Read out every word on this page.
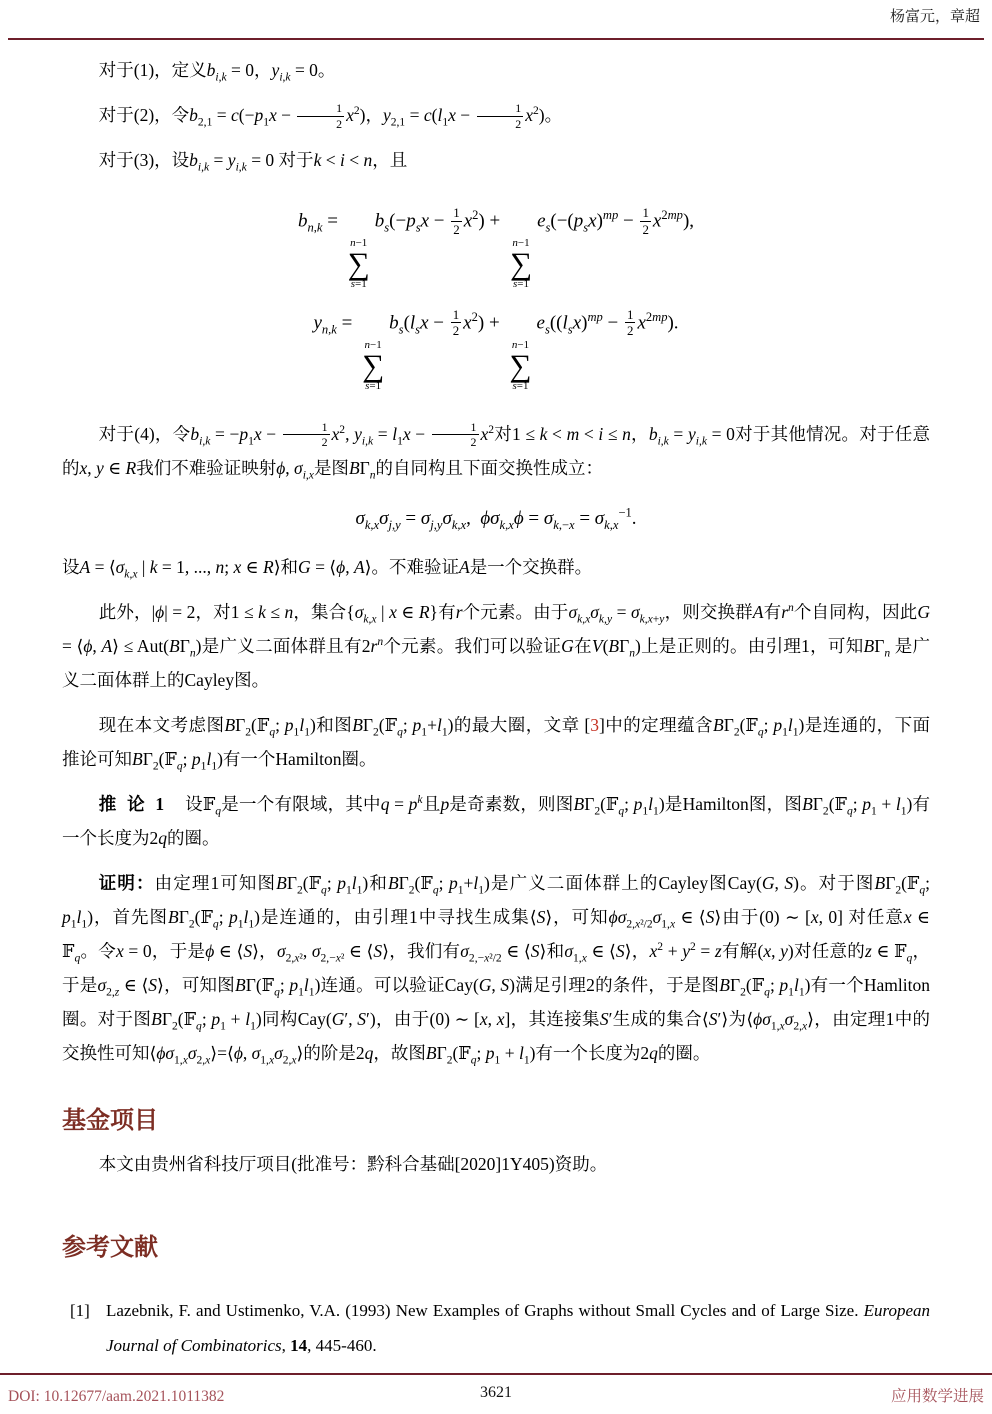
杨富元，章超

对于(1)，定义$b_{i,k} = 0$，$y_{i,k} = 0$。

对于(2)，令$b_{2,1} = c(-p_1x - \frac{1}{2} x^2)$，$y_{2,1} = c(l_1x - \frac{1}{2} x^2)$。

对于(3)，设$b_{i,k} = y_{i,k} = 0$ 对于k < i < n，且

$b_{n,k}$ =
n−1
∑
s=1
$b_s(-p_sx - \frac{1}{2} x^2)$ +
n−1
∑
s=1
$e_s(-(p_sx)^{mp} - \frac{1}{2} x^{2mp})$,
$y_{n,k}$ =
n−1
∑
s=1
$b_s(l_sx - \frac{1}{2} x^2)$ +
n−1
∑
s=1
$e_s((l_sx)^{mp} - \frac{1}{2} x^{2mp})$.

对于(4)，令$b_{i,k} = -p_1x - \frac{1}{2} x^2$, $y_{i,k} = l_1x - \frac{1}{2} x^2$对1 ≤ k < m < i ≤ n，$b_{i,k} = y_{i,k} = 0$对于其他情况。对于任意的x, y ∈ R我们不难验证映射ϕ, $\sigma_{i,x}$是图$B\Gamma_n$的自同构且下面交换性成立：

$\sigma_{k,x}\sigma_{j,y} = \sigma_{j,y}\sigma_{k,x}$,  $\phi\sigma_{k,x}\phi = \sigma_{k,-x} = \sigma_{k,x}^{-1}$.

设$A = ⟨\sigma_{k,x}$ | k = 1, ..., n; x ∈ R⟩和G = ⟨ϕ, A⟩。不难验证A是一个交换群。

此外，|ϕ| = 2，对1 ≤ k ≤ n，集合{$\sigma_{k,x}$ | x ∈ R}有r个元素。由于$\sigma_{k,x}\sigma_{k,y} = \sigma_{k,x+y}$，则交换群A有$r^n$个自同构，因此G = ⟨ϕ, A⟩ ≤ $Aut(B\Gamma_n)$是广义二面体群且有$2r^n$个元素。我们可以验证G在$V(B\Gamma_n)$上是正则的。由引理1，可知$B\Gamma_n$ 是广义二面体群上的Cayley图。

现在本文考虑图$B\Gamma_2(𝔽_q$; $p_1l_1$)和图$B\Gamma_2(𝔽_q$; $p_1+l_1$)的最大圈，文章 [3]中的定理蕴含$B\Gamma_2(𝔽_q$; $p_1l_1$)是连通的，下面推论可知$B\Gamma_2(𝔽_q$; $p_1l_1$)有一个Hamilton圈。

推 论 1　设𝔽$_q$是一个有限域，其中$q = p^k$且p是奇素数，则图$B\Gamma_2(𝔽_q$; $p_1l_1$)是Hamilton图，图$B\Gamma_2(𝔽_q$; $p_1 + l_1$)有一个长度为2q的圈。

证明：由定理1可知图$B\Gamma_2(𝔽_q$; $p_1l_1$)和$B\Gamma_2(𝔽_q$; $p_1+l_1$)是广义二面体群上的Cayley图Cay(G, S)。对于图$B\Gamma_2(𝔽_q$; $p_1l_1$)，首先图$B\Gamma_2(𝔽_q$; $p_1l_1$)是连通的，由引理1中寻找生成集⟨S⟩，可知$\phi\sigma_{2,x^2/2}\sigma_{1,x}$ ∈ ⟨S⟩由于(0) ∼ [x, 0] 对任意x ∈ 𝔽$_q$。令x = 0，于是ϕ ∈ ⟨S⟩，$\sigma_{2,x^2}$, $\sigma_{2,-x^2}$ ∈ ⟨S⟩，我们有$\sigma_{2,-x^2/2}$ ∈ ⟨S⟩和$\sigma_{1,x}$ ∈ ⟨S⟩，$x^2 + y^2 = z$有解(x, y)对任意的z ∈ 𝔽$_q$，于是$\sigma_{2,z}$ ∈ ⟨S⟩，可知图BΓ(𝔽$_q$; $p_1l_1$)连通。可以验证Cay(G, S)满足引理2的条件，于是图$B\Gamma_2(𝔽_q$; $p_1l_1$)有一个Hamliton圈。对于图$B\Gamma_2(𝔽_q$; $p_1 + l_1$)同构Cay(G′, S′)，由于(0) ∼ [x, x]，其连接集S′生成的集合⟨S′⟩为$⟨\phi\sigma_{1,x}\sigma_{2,x}⟩$，由定理1中的交换性可知$⟨\phi\sigma_{1,x}\sigma_{2,x}⟩=⟨\phi$, $\sigma_{1,x}\sigma_{2,x}⟩$的阶是2q，故图$B\Gamma_2(𝔽_q$; $p_1 + l_1$)有一个长度为2q的圈。

基金项目

本文由贵州省科技厅项目(批准号：黔科合基础[2020]1Y405)资助。

参考文献
[1] Lazebnik, F. and Ustimenko, V.A. (1993) New Examples of Graphs without Small Cycles and of Large Size. European Journal of Combinatorics, 14, 445-460.
DOI: 10.12677/aam.2021.1011382	3621	应用数学进展
